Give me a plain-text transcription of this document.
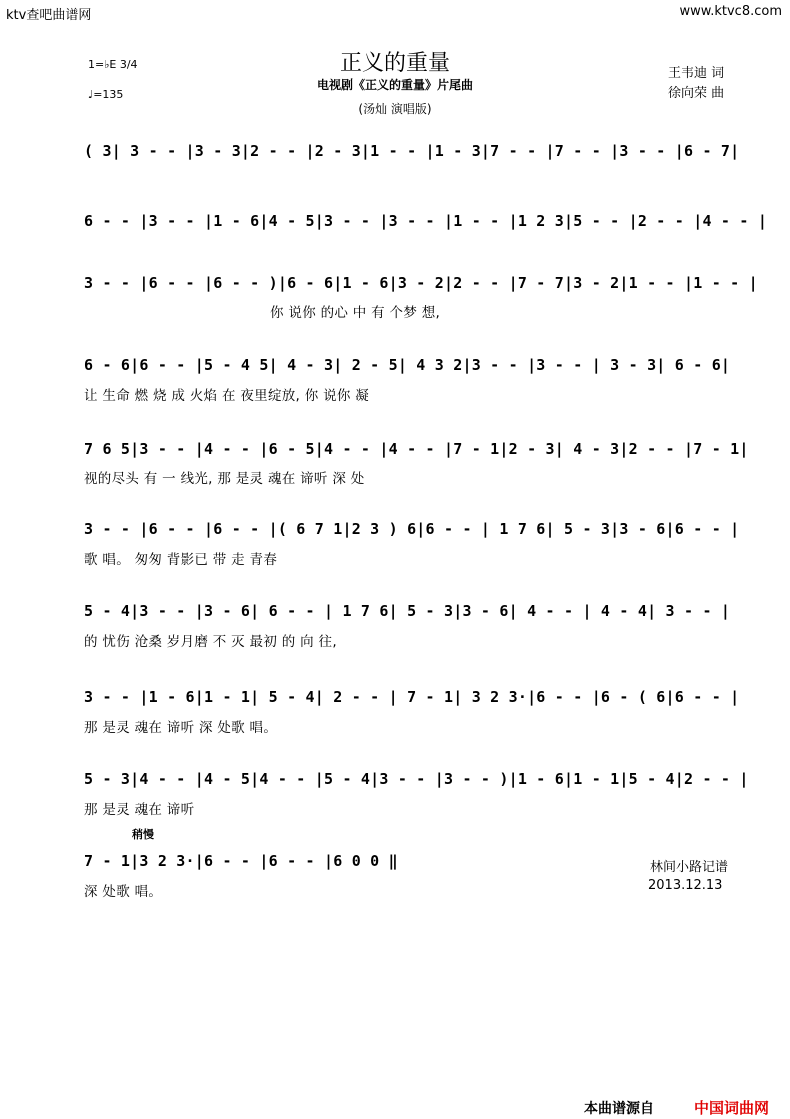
ktv查吧曲谱网	www.ktvc8.com
1=♭E 3/4
♩=135
正义的重量
电视剧《正义的重量》片尾曲
(汤灿 演唱版)
王韦迪 词
徐向荣 曲
( 3| 3 - - |3 - 3|2 - - |2 - 3|1 - - |1 - 3|7 - - |7 - - |3 - - |6 - 7|
6 - - |3 - - |1 - 6|4 - 5|3 - - |3 - - |1 - - |1 2 3|5 - - |2 - - |4 - - |
3 - - |6 - - |6 - - )|6 - 6|1 - 6|3 - 2|2 - - |7 - 7|3 - 2|1 - - |1 - - |
你 说你 的心 中 有 个梦 想,
6 - 6|6 - - |5 - 4 5| 4 - 3| 2 - 5| 4 3 2|3 - - |3 - - | 3 - 3| 6 - 6|
让 生命 燃 烧 成 火焰 在 夜里绽放, 你 说你 凝
7 6 5|3 - - |4 - - |6 - 5|4 - - |4 - - |7 - 1|2 - 3| 4 - 3|2 - - |7 - 1|
视的尽头 有 一 线光, 那 是灵 魂在 谛听 深 处
3 - - |6 - - |6 - - |( 6 7 1|2 3 ) 6|6 - - | 1 7 6| 5 - 3|3 - 6|6 - - |
歌 唱。 匆匆 背影已 带 走 青春
5 - 4|3 - - |3 - 6| 6 - - | 1 7 6| 5 - 3|3 - 6| 4 - - | 4 - 4| 3 - - |
的 忧伤 沧桑 岁月磨 不 灭 最初 的 向 往,
3 - - |1 - 6|1 - 1| 5 - 4| 2 - - | 7 - 1| 3 2 3·|6 - - |6 - ( 6|6 - - |
那 是灵 魂在 谛听 深 处歌 唱。
5 - 3|4 - - |4 - 5|4 - - |5 - 4|3 - - |3 - - )|1 - 6|1 - 1|5 - 4|2 - - |
那 是灵 魂在 谛听
稍慢
7 - 1|3 2 3·|6 - - |6 - - |6 0 0 ‖
深 处歌 唱。
林间小路记谱
2013.12.13
本曲谱源自	中国词曲网
